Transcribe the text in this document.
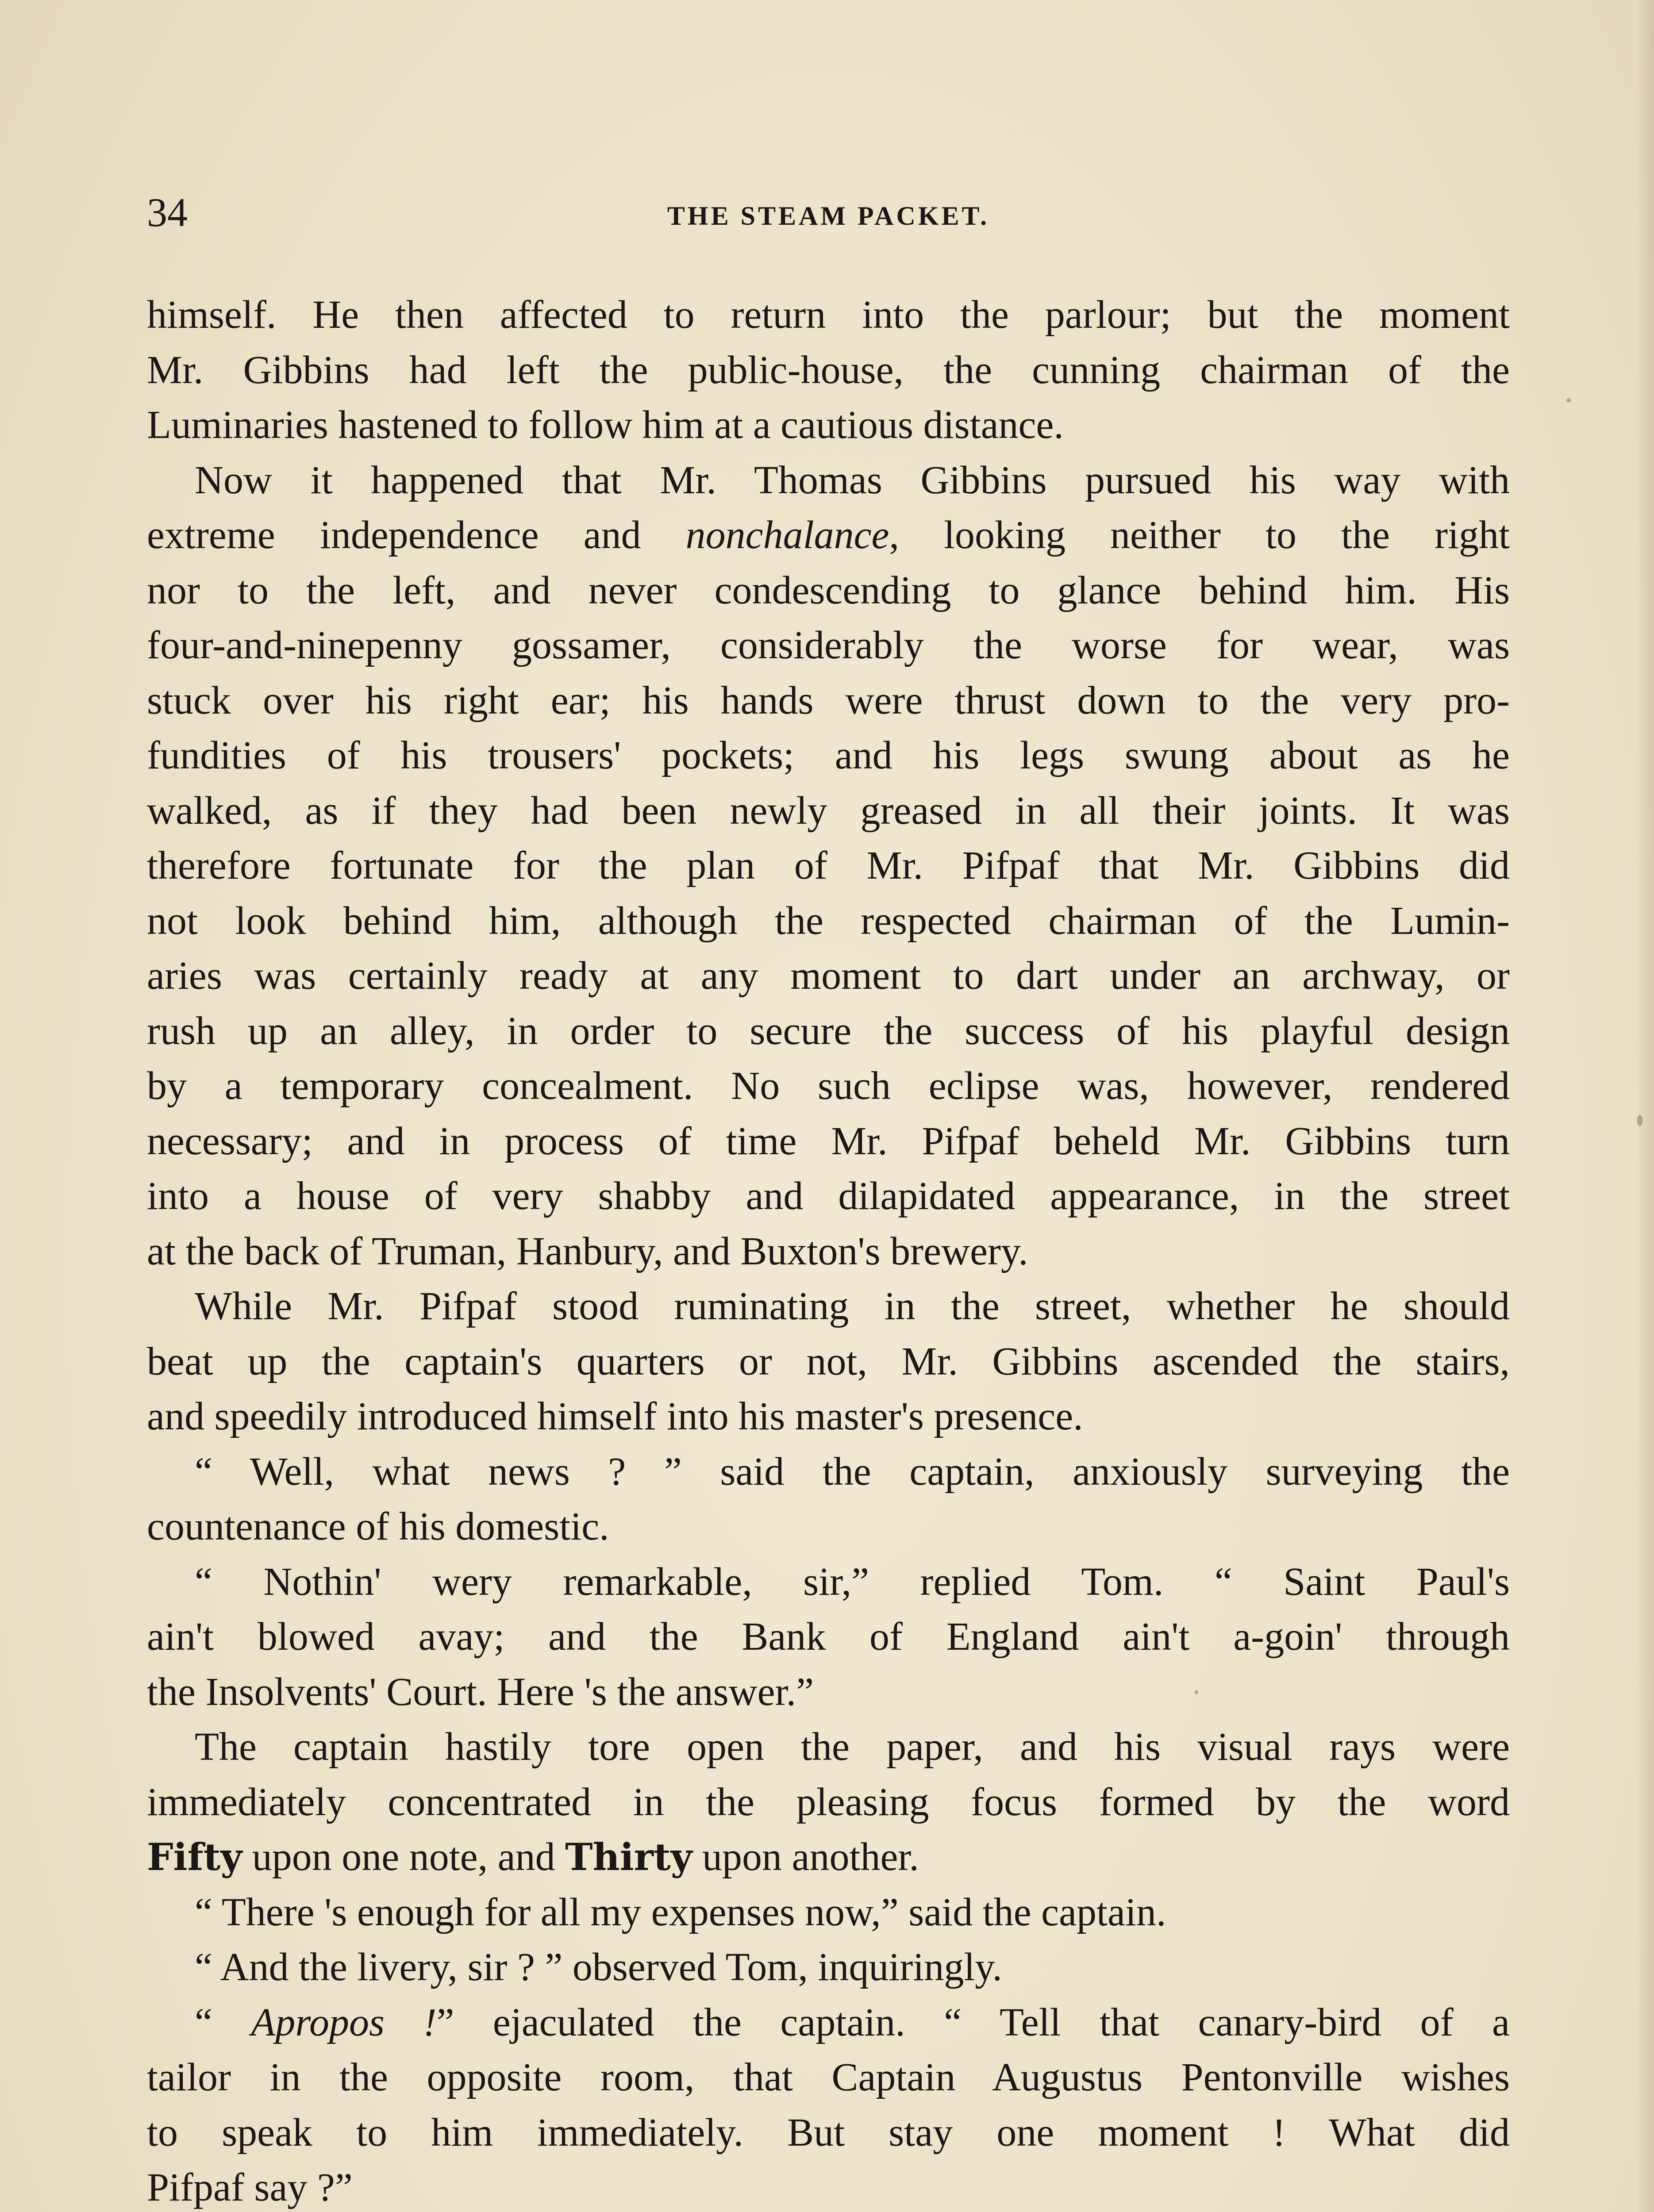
34	THE STEAM PACKET.
himself. He then affected to return into the parlour; but the moment
Mr. Gibbins had left the public-house, the cunning chairman of the
Luminaries hastened to follow him at a cautious distance.
Now it happened that Mr. Thomas Gibbins pursued his way with
extreme independence and nonchalance, looking neither to the right
nor to the left, and never condescending to glance behind him. His
four-and-ninepenny gossamer, considerably the worse for wear, was
stuck over his right ear; his hands were thrust down to the very pro-
fundities of his trousers' pockets; and his legs swung about as he
walked, as if they had been newly greased in all their joints. It was
therefore fortunate for the plan of Mr. Pifpaf that Mr. Gibbins did
not look behind him, although the respected chairman of the Lumin-
aries was certainly ready at any moment to dart under an archway, or
rush up an alley, in order to secure the success of his playful design
by a temporary concealment. No such eclipse was, however, rendered
necessary; and in process of time Mr. Pifpaf beheld Mr. Gibbins turn
into a house of very shabby and dilapidated appearance, in the street
at the back of Truman, Hanbury, and Buxton's brewery.
While Mr. Pifpaf stood ruminating in the street, whether he should
beat up the captain's quarters or not, Mr. Gibbins ascended the stairs,
and speedily introduced himself into his master's presence.
“ Well, what news ? ” said the captain, anxiously surveying the
countenance of his domestic.
“ Nothin' wery remarkable, sir,” replied Tom. “ Saint Paul's
ain't blowed avay; and the Bank of England ain't a-goin' through
the Insolvents' Court. Here 's the answer.”
The captain hastily tore open the paper, and his visual rays were
immediately concentrated in the pleasing focus formed by the word
Fifty upon one note, and Thirty upon another.
“ There 's enough for all my expenses now,” said the captain.
“ And the livery, sir ? ” observed Tom, inquiringly.
“ Apropos !” ejaculated the captain. “ Tell that canary-bird of a
tailor in the opposite room, that Captain Augustus Pentonville wishes
to speak to him immediately. But stay one moment ! What did
Pifpaf say ?”
